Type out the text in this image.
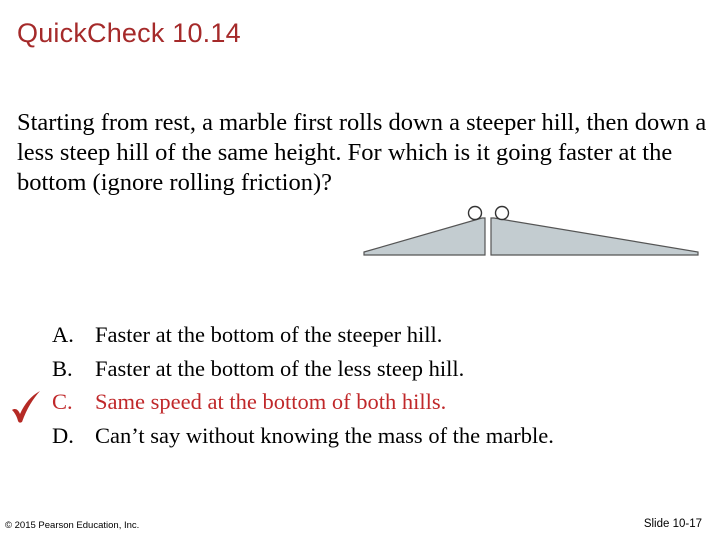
QuickCheck 10.14
Starting from rest, a marble first rolls down a steeper hill, then down a less steep hill of the same height. For which is it going faster at the bottom (ignore rolling friction)?
A. Faster at the bottom of the steeper hill.
B. Faster at the bottom of the less steep hill.
C. Same speed at the bottom of both hills.
D. Can’t say without knowing the mass of the marble.
© 2015 Pearson Education, Inc.	Slide 10-17
